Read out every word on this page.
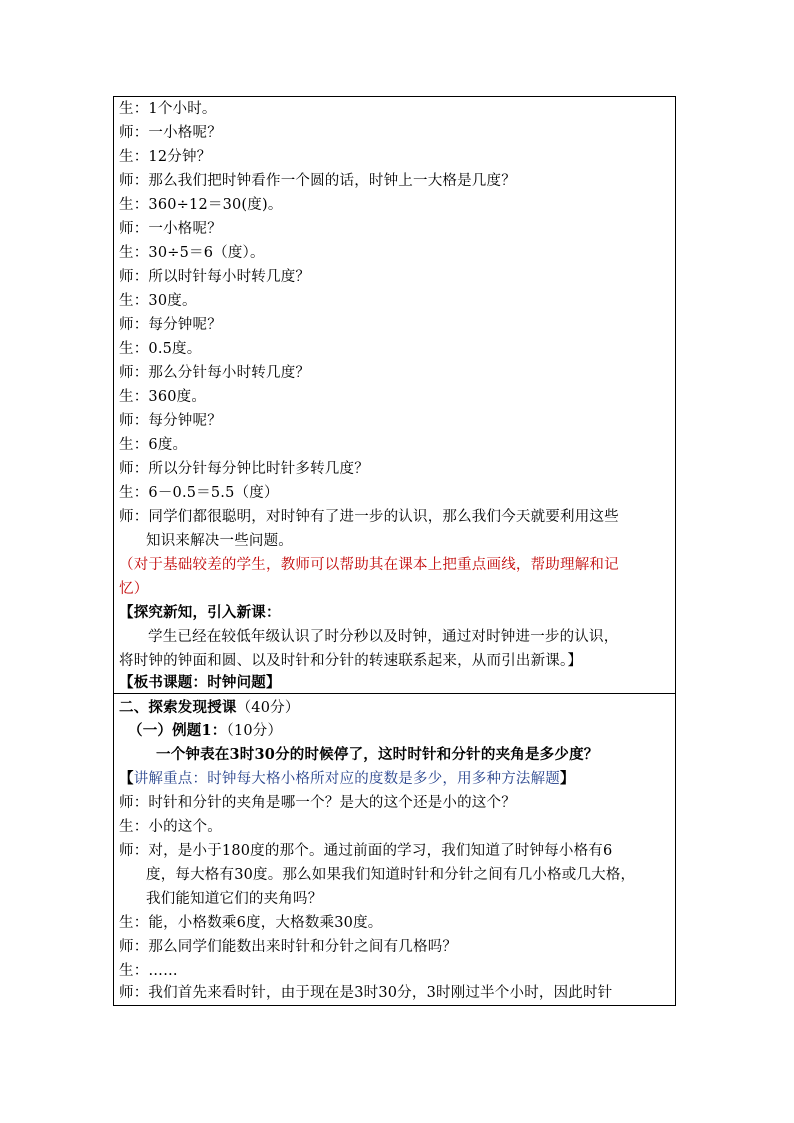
生：1个小时。
师：一小格呢？
生：12分钟？
师：那么我们把时钟看作一个圆的话，时钟上一大格是几度？
生：360÷12＝30(度)。
师：一小格呢？
生：30÷5＝6（度）。
师：所以时针每小时转几度？
生：30度。
师：每分钟呢？
生：0.5度。
师：那么分针每小时转几度？
生：360度。
师：每分钟呢？
生：6度。
师：所以分针每分钟比时针多转几度？
生：6－0.5＝5.5（度）
师：同学们都很聪明，对时钟有了进一步的认识，那么我们今天就要利用这些
知识来解决一些问题。
（对于基础较差的学生，教师可以帮助其在课本上把重点画线，帮助理解和记
忆）
【探究新知，引入新课：
学生已经在较低年级认识了时分秒以及时钟，通过对时钟进一步的认识，
将时钟的钟面和圆、以及时针和分针的转速联系起来，从而引出新课。】
【板书课题：时钟问题】
二、探索发现授课（40分）
（一）例题1：（10分）
一个钟表在3时30分的时候停了，这时时针和分针的夹角是多少度？
【讲解重点：时钟每大格小格所对应的度数是多少，用多种方法解题】
师：时针和分针的夹角是哪一个？是大的这个还是小的这个？
生：小的这个。
师：对，是小于180度的那个。通过前面的学习，我们知道了时钟每小格有6
度，每大格有30度。那么如果我们知道时针和分针之间有几小格或几大格，
我们能知道它们的夹角吗？
生：能，小格数乘6度，大格数乘30度。
师：那么同学们能数出来时针和分针之间有几格吗？
生：……
师：我们首先来看时针，由于现在是3时30分，3时刚过半个小时，因此时针
